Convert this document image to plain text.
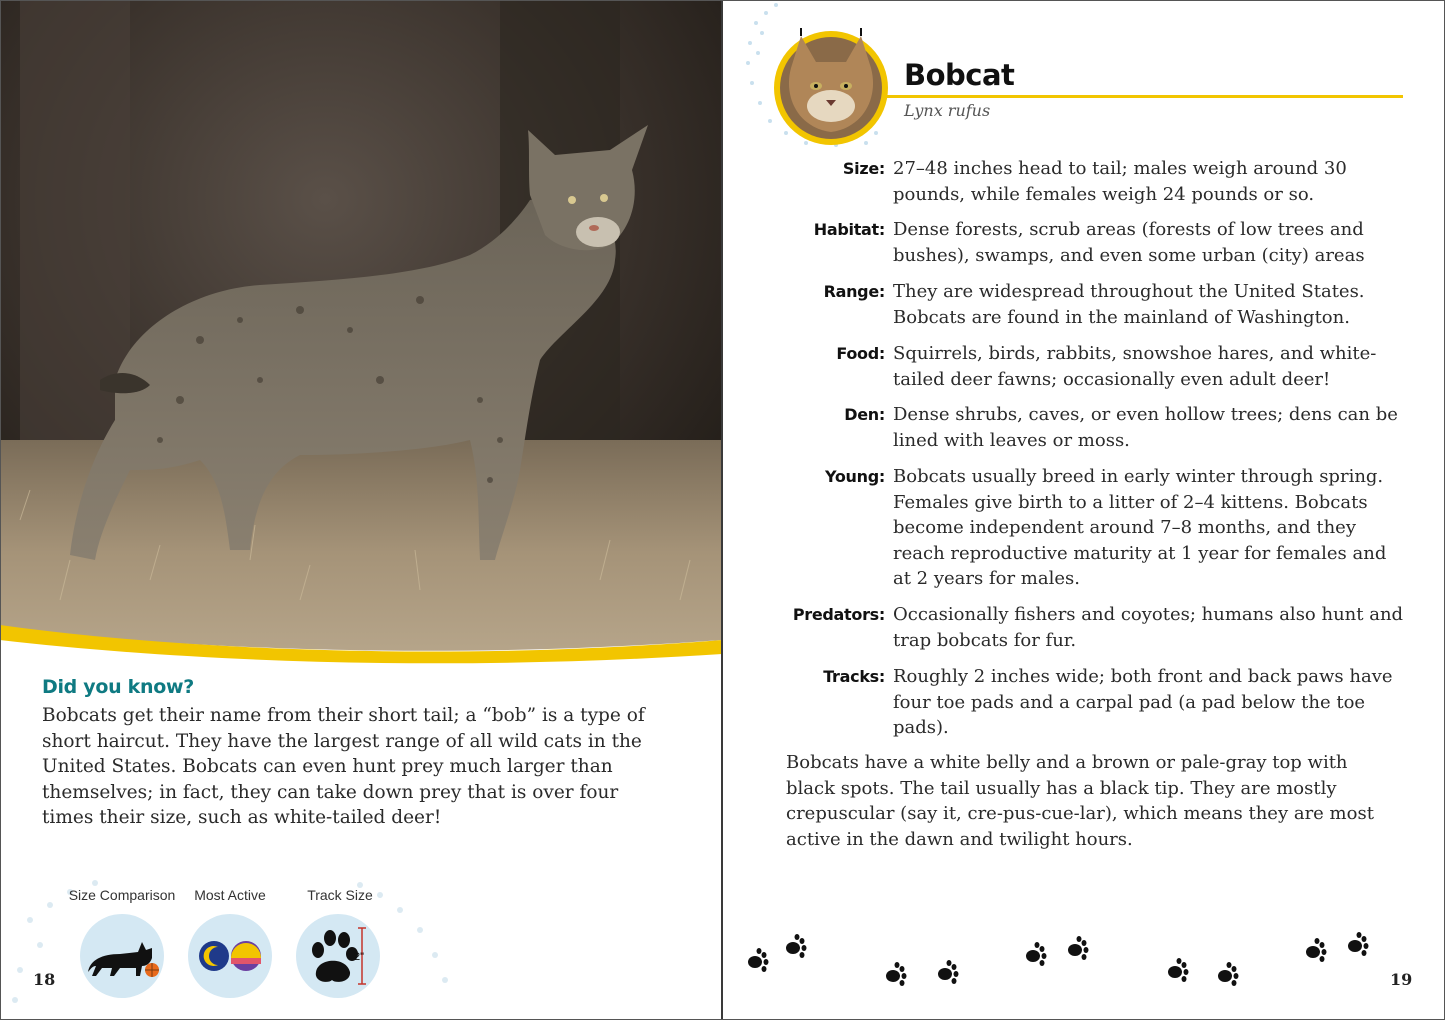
Did you know?
Bobcats get their name from their short tail; a “bob” is a type of short haircut. They have the largest range of all wild cats in the United States. Bobcats can even hunt prey much larger than themselves; in fact, they can take down prey that is over four times their size, such as white-tailed deer!
Size Comparison	Most Active	Track Size
2"
18
Bobcat
Lynx rufus
Size: 27–48 inches head to tail; males weigh around 30 pounds, while females weigh 24 pounds or so.
Habitat: Dense forests, scrub areas (forests of low trees and bushes), swamps, and even some urban (city) areas
Range: They are widespread throughout the United States. Bobcats are found in the mainland of Washington.
Food: Squirrels, birds, rabbits, snowshoe hares, and white-tailed deer fawns; occasionally even adult deer!
Den: Dense shrubs, caves, or even hollow trees; dens can be lined with leaves or moss.
Young: Bobcats usually breed in early winter through spring. Females give birth to a litter of 2–4 kittens. Bobcats become independent around 7–8 months, and they reach reproductive maturity at 1 year for females and at 2 years for males.
Predators: Occasionally fishers and coyotes; humans also hunt and trap bobcats for fur.
Tracks: Roughly 2 inches wide; both front and back paws have four toe pads and a carpal pad (a pad below the toe pads).
Bobcats have a white belly and a brown or pale-gray top with black spots. The tail usually has a black tip. They are mostly crepuscular (say it, cre-pus-cue-lar), which means they are most active in the dawn and twilight hours.
19
